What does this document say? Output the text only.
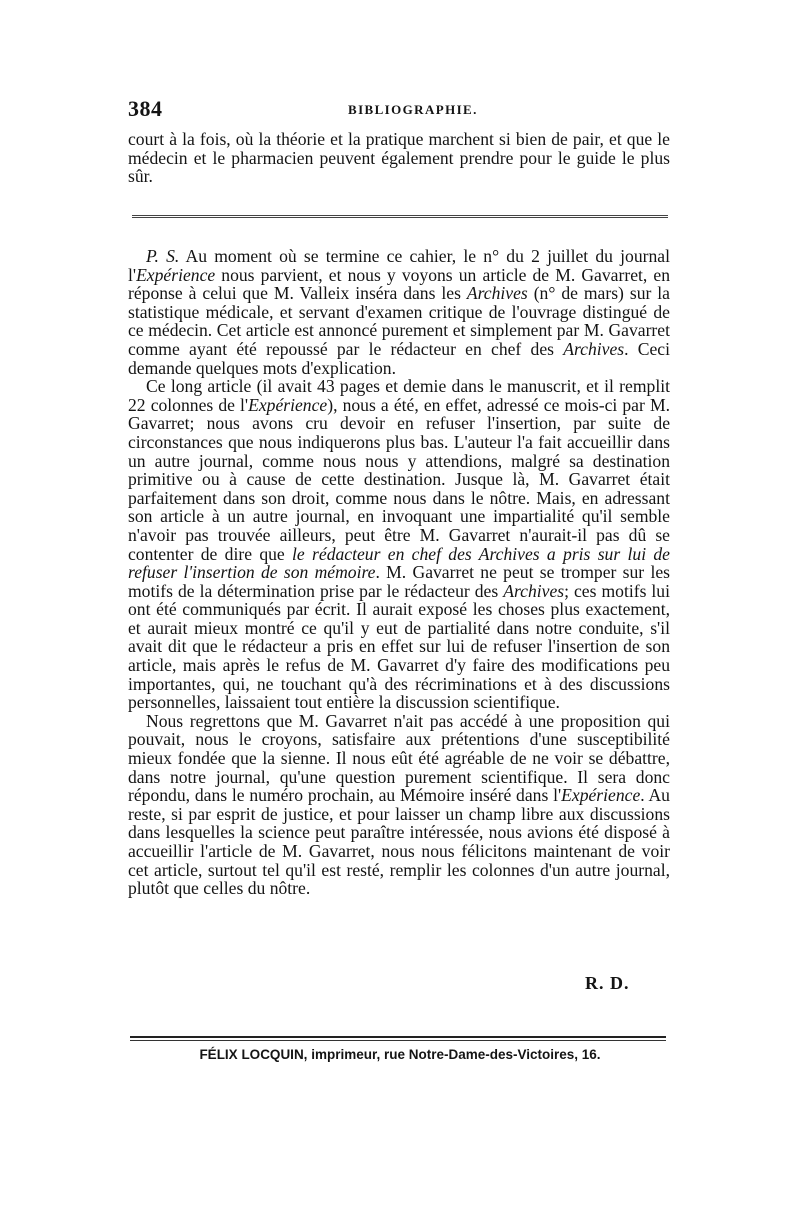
384	BIBLIOGRAPHIE.

court à la fois, où la théorie et la pratique marchent si bien de pair, et que le médecin et le pharmacien peuvent également prendre pour le guide le plus sûr.

P. S. Au moment où se termine ce cahier, le n° du 2 juillet du journal l'Expérience nous parvient, et nous y voyons un article de M. Gavarret, en réponse à celui que M. Valleix inséra dans les Archives (n° de mars) sur la statistique médicale, et servant d'examen critique de l'ouvrage distingué de ce médecin. Cet article est annoncé purement et simplement par M. Gavarret comme ayant été repoussé par le rédacteur en chef des Archives. Ceci demande quelques mots d'explication.

Ce long article (il avait 43 pages et demie dans le manuscrit, et il remplit 22 colonnes de l'Expérience), nous a été, en effet, adressé ce mois-ci par M. Gavarret; nous avons cru devoir en refuser l'insertion, par suite de circonstances que nous indiquerons plus bas. L'auteur l'a fait accueillir dans un autre journal, comme nous nous y attendions, malgré sa destination primitive ou à cause de cette destination. Jusque là, M. Gavarret était parfaitement dans son droit, comme nous dans le nôtre. Mais, en adressant son article à un autre journal, en invoquant une impartialité qu'il semble n'avoir pas trouvée ailleurs, peut être M. Gavarret n'aurait-il pas dû se contenter de dire que le rédacteur en chef des Archives a pris sur lui de refuser l'insertion de son mémoire. M. Gavarret ne peut se tromper sur les motifs de la détermination prise par le rédacteur des Archives; ces motifs lui ont été communiqués par écrit. Il aurait exposé les choses plus exactement, et aurait mieux montré ce qu'il y eut de partialité dans notre conduite, s'il avait dit que le rédacteur a pris en effet sur lui de refuser l'insertion de son article, mais après le refus de M. Gavarret d'y faire des modifications peu importantes, qui, ne touchant qu'à des récriminations et à des discussions personnelles, laissaient tout entière la discussion scientifique.

Nous regrettons que M. Gavarret n'ait pas accédé à une proposition qui pouvait, nous le croyons, satisfaire aux prétentions d'une susceptibilité mieux fondée que la sienne. Il nous eût été agréable de ne voir se débattre, dans notre journal, qu'une question purement scientifique. Il sera donc répondu, dans le numéro prochain, au Mémoire inséré dans l'Expérience. Au reste, si par esprit de justice, et pour laisser un champ libre aux discussions dans lesquelles la science peut paraître intéressée, nous avions été disposé à accueillir l'article de M. Gavarret, nous nous félicitons maintenant de voir cet article, surtout tel qu'il est resté, remplir les colonnes d'un autre journal, plutôt que celles du nôtre.

R. D.
FÉLIX LOCQUIN, imprimeur, rue Notre-Dame-des-Victoires, 16.
